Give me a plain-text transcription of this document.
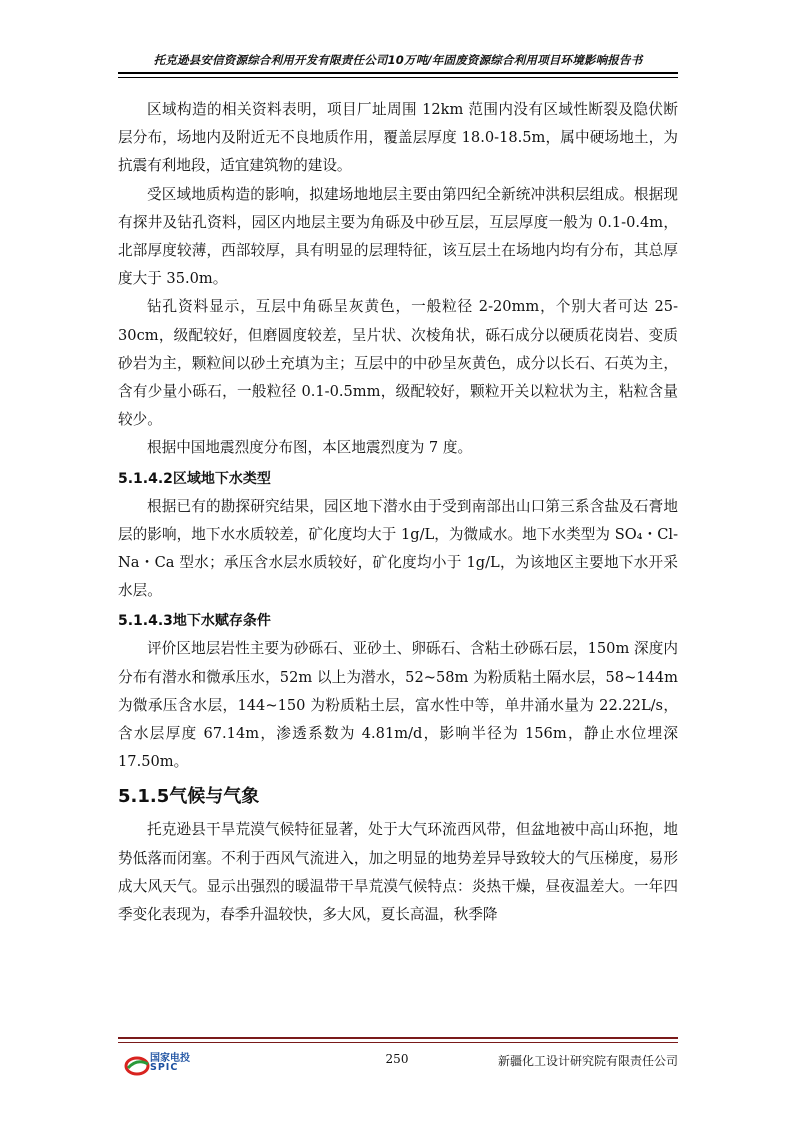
托克逊县安信资源综合利用开发有限责任公司10万吨/年固废资源综合利用项目环境影响报告书

区域构造的相关资料表明，项目厂址周围 12km 范围内没有区域性断裂及隐伏断层分布，场地内及附近无不良地质作用，覆盖层厚度 18.0-18.5m，属中硬场地土，为抗震有利地段，适宜建筑物的建设。

受区域地质构造的影响，拟建场地地层主要由第四纪全新统冲洪积层组成。根据现有探井及钻孔资料，园区内地层主要为角砾及中砂互层，互层厚度一般为 0.1-0.4m，北部厚度较薄，西部较厚，具有明显的层理特征，该互层土在场地内均有分布，其总厚度大于 35.0m。

钻孔资料显示，互层中角砾呈灰黄色，一般粒径 2-20mm，个别大者可达 25-30cm，级配较好，但磨圆度较差，呈片状、次棱角状，砾石成分以硬质花岗岩、变质砂岩为主，颗粒间以砂土充填为主；互层中的中砂呈灰黄色，成分以长石、石英为主，含有少量小砾石，一般粒径 0.1-0.5mm，级配较好，颗粒开关以粒状为主，粘粒含量较少。

根据中国地震烈度分布图，本区地震烈度为 7 度。

5.1.4.2区域地下水类型

根据已有的勘探研究结果，园区地下潜水由于受到南部出山口第三系含盐及石膏地层的影响，地下水水质较差，矿化度均大于 1g/L，为微咸水。地下水类型为 SO₄・Cl-Na・Ca 型水；承压含水层水质较好，矿化度均小于 1g/L，为该地区主要地下水开采水层。

5.1.4.3地下水赋存条件

评价区地层岩性主要为砂砾石、亚砂土、卵砾石、含粘土砂砾石层，150m 深度内分布有潜水和微承压水，52m 以上为潜水，52~58m 为粉质粘土隔水层，58~144m 为微承压含水层，144~150 为粉质粘土层，富水性中等，单井涌水量为 22.22L/s，含水层厚度 67.14m，渗透系数为 4.81m/d，影响半径为 156m，静止水位埋深 17.50m。

5.1.5气候与气象

托克逊县干旱荒漠气候特征显著，处于大气环流西风带，但盆地被中高山环抱，地势低落而闭塞。不利于西风气流进入，加之明显的地势差异导致较大的气压梯度，易形成大风天气。显示出强烈的暖温带干旱荒漠气候特点：炎热干燥，昼夜温差大。一年四季变化表现为，春季升温较快，多大风，夏长高温，秋季降

国家电投
SPIC
250	新疆化工设计研究院有限责任公司
